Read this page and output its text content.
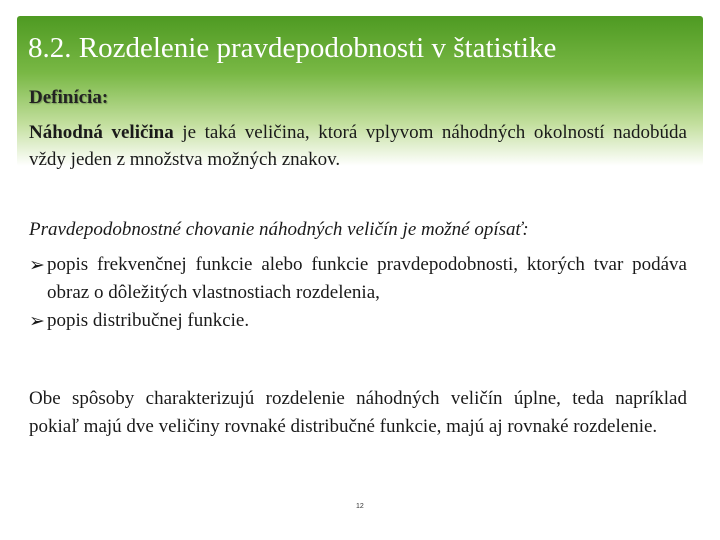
8.2. Rozdelenie pravdepodobnosti v štatistike
Definícia:

Náhodná veličina je taká veličina, ktorá vplyvom náhodných okolností nadobúda vždy jeden z množstva možných znakov.

Pravdepodobnostné chovanie náhodných veličín je možné opísať:

➢ popis frekvenčnej funkcie alebo funkcie pravdepodobnosti, ktorých tvar podáva obraz o dôležitých vlastnostiach rozdelenia,
➢ popis distribučnej funkcie.

Obe spôsoby charakterizujú rozdelenie náhodných veličín úplne, teda napríklad pokiaľ majú dve veličiny rovnaké distribučné funkcie, majú aj rovnaké rozdelenie.

12
